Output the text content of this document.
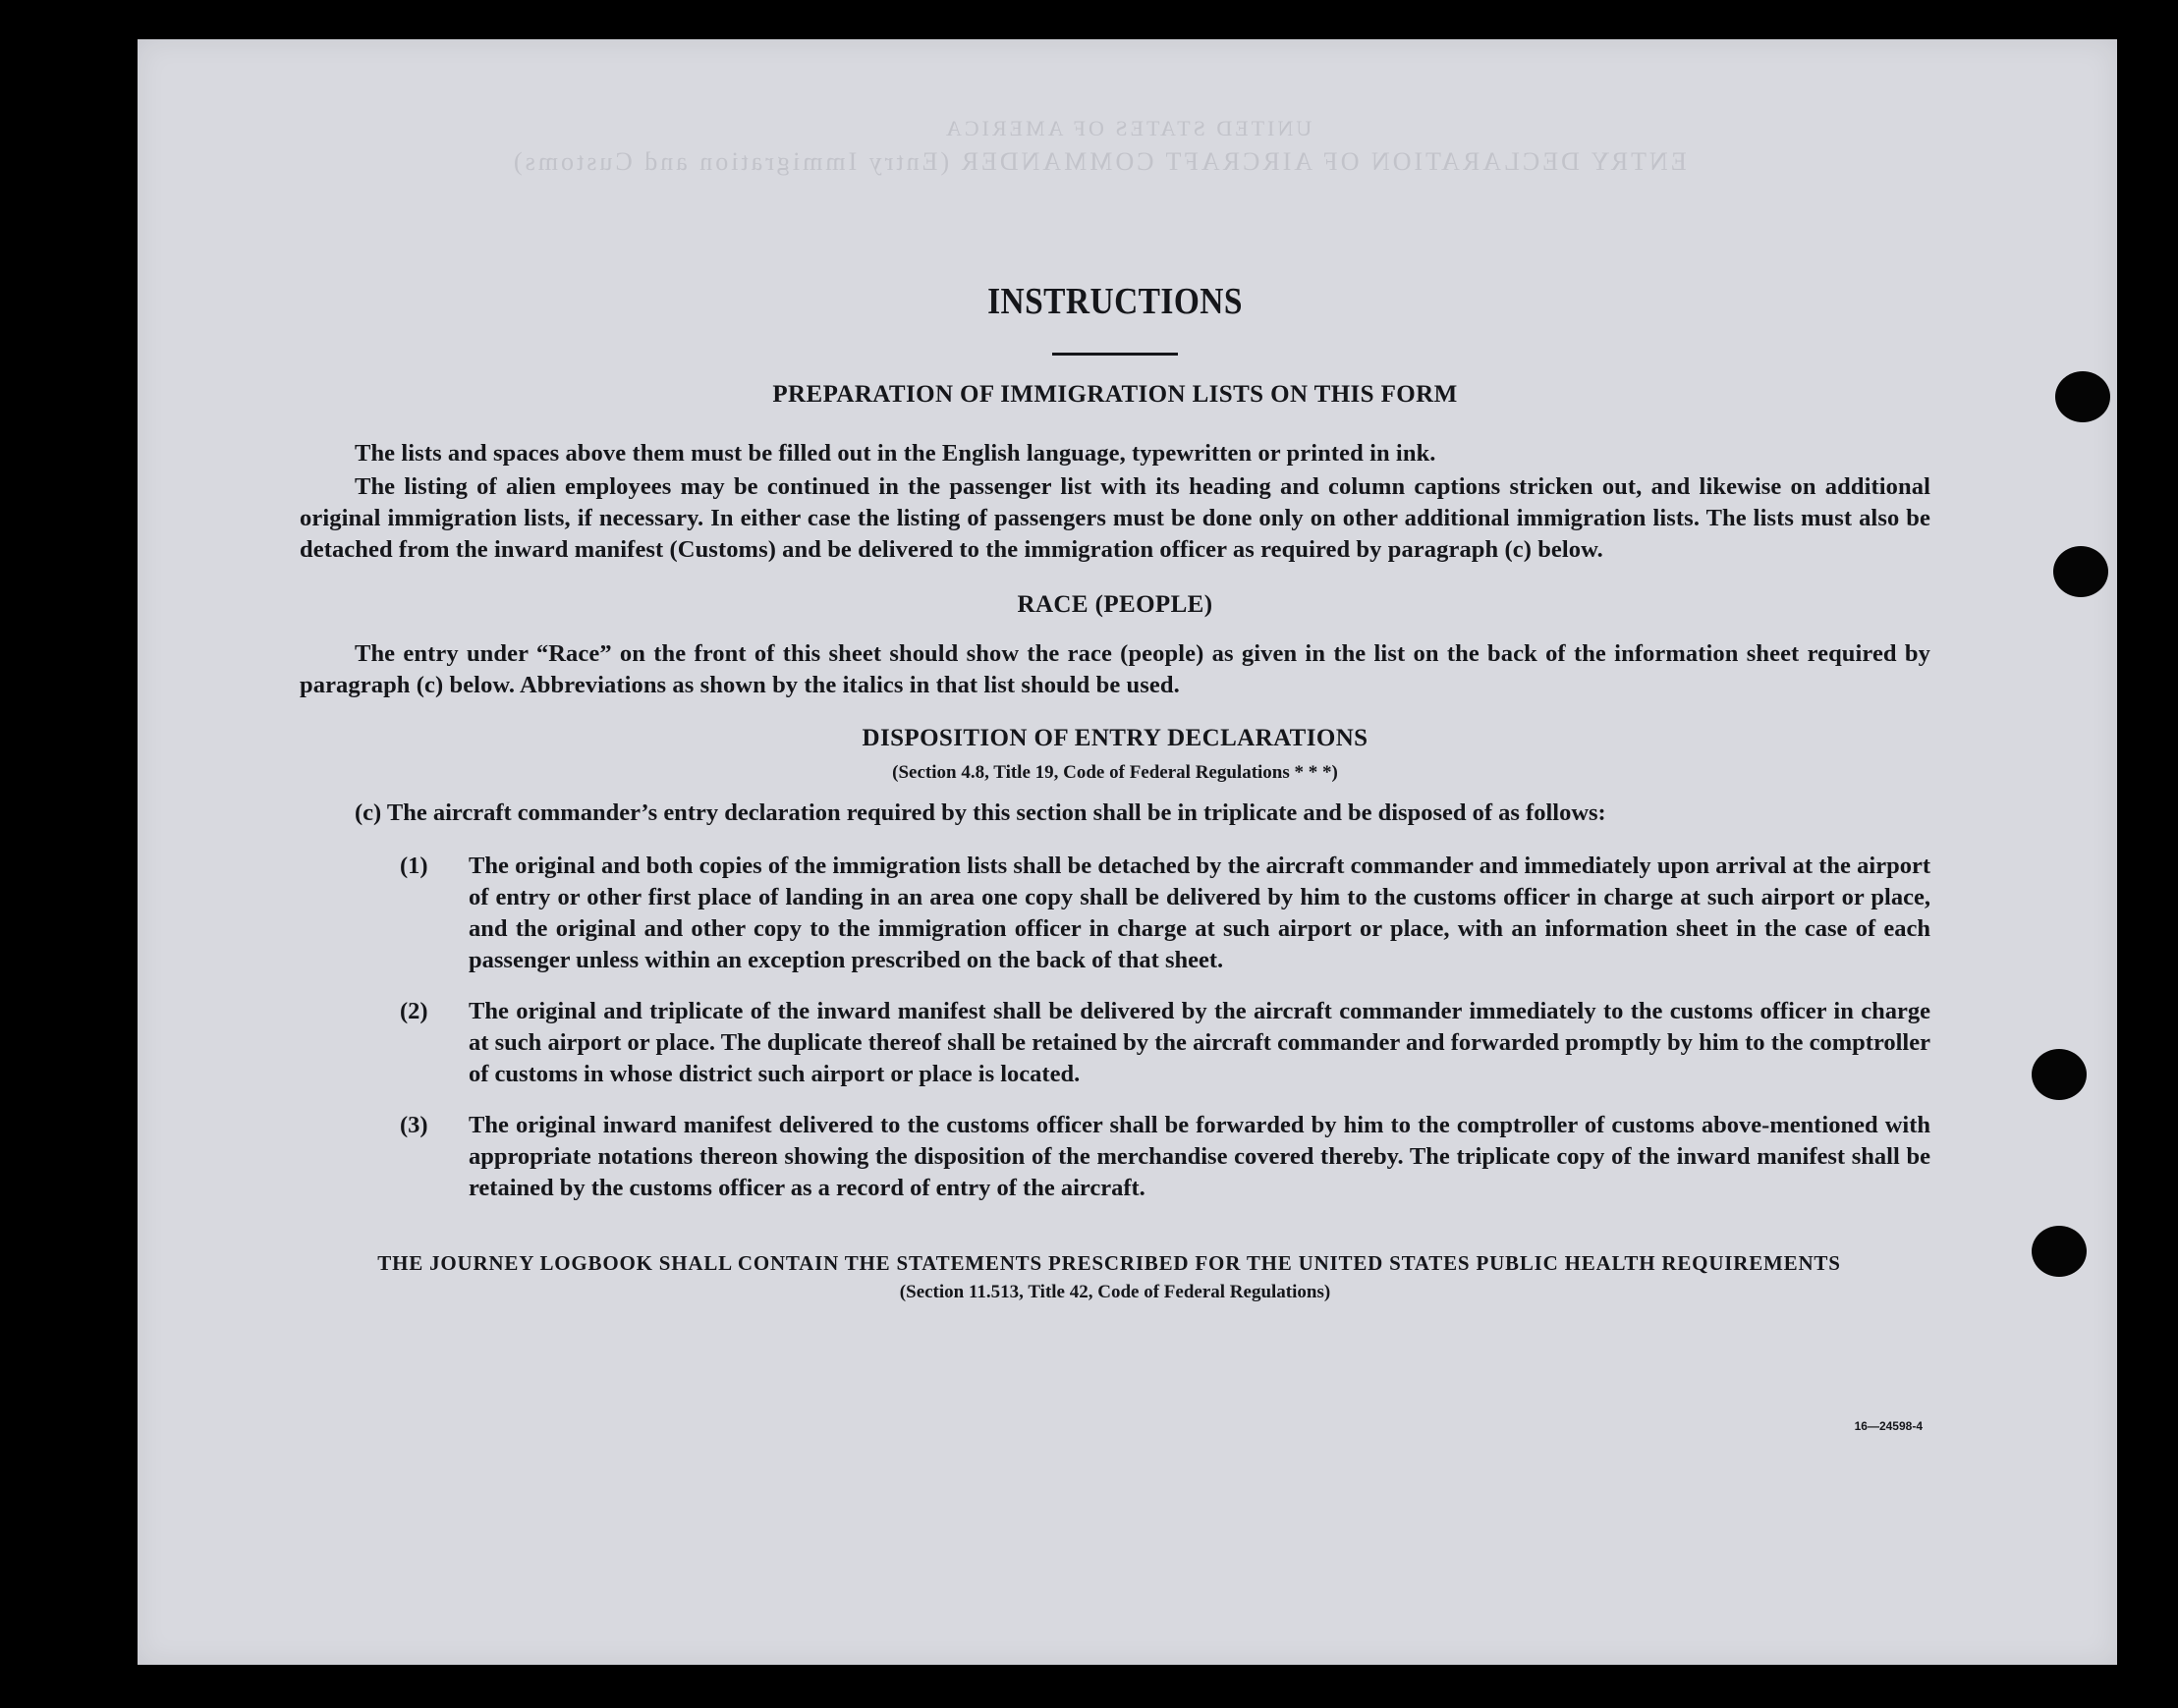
UNITED STATES OF AMERICA
ENTRY DECLARATION OF AIRCRAFT COMMANDER (Entry Immigration and Customs)
INSTRUCTIONS
PREPARATION OF IMMIGRATION LISTS ON THIS FORM

The lists and spaces above them must be filled out in the English language, typewritten or printed in ink.

The listing of alien employees may be continued in the passenger list with its heading and column captions stricken out, and likewise on additional original immigration lists, if necessary. In either case the listing of passengers must be done only on other additional immigration lists. The lists must also be detached from the inward manifest (Customs) and be delivered to the immigration officer as required by paragraph (c) below.

RACE (PEOPLE)

The entry under “Race” on the front of this sheet should show the race (people) as given in the list on the back of the information sheet required by paragraph (c) below. Abbreviations as shown by the italics in that list should be used.

DISPOSITION OF ENTRY DECLARATIONS
(Section 4.8, Title 19, Code of Federal Regulations * * *)
(c) The aircraft commander’s entry declaration required by this section shall be in triplicate and be disposed of as follows:
(1) The original and both copies of the immigration lists shall be detached by the aircraft commander and immediately upon arrival at the airport of entry or other first place of landing in an area one copy shall be delivered by him to the customs officer in charge at such airport or place, and the original and other copy to the immigration officer in charge at such airport or place, with an information sheet in the case of each passenger unless within an exception prescribed on the back of that sheet.
(2) The original and triplicate of the inward manifest shall be delivered by the aircraft commander immediately to the customs officer in charge at such airport or place. The duplicate thereof shall be retained by the aircraft commander and forwarded promptly by him to the comptroller of customs in whose district such airport or place is located.
(3) The original inward manifest delivered to the customs officer shall be forwarded by him to the comptroller of customs above-mentioned with appropriate notations thereon showing the disposition of the merchandise covered thereby. The triplicate copy of the inward manifest shall be retained by the customs officer as a record of entry of the aircraft.
THE JOURNEY LOGBOOK SHALL CONTAIN THE STATEMENTS PRESCRIBED FOR THE UNITED STATES PUBLIC HEALTH REQUIREMENTS
(Section 11.513, Title 42, Code of Federal Regulations)
16—24598-4
